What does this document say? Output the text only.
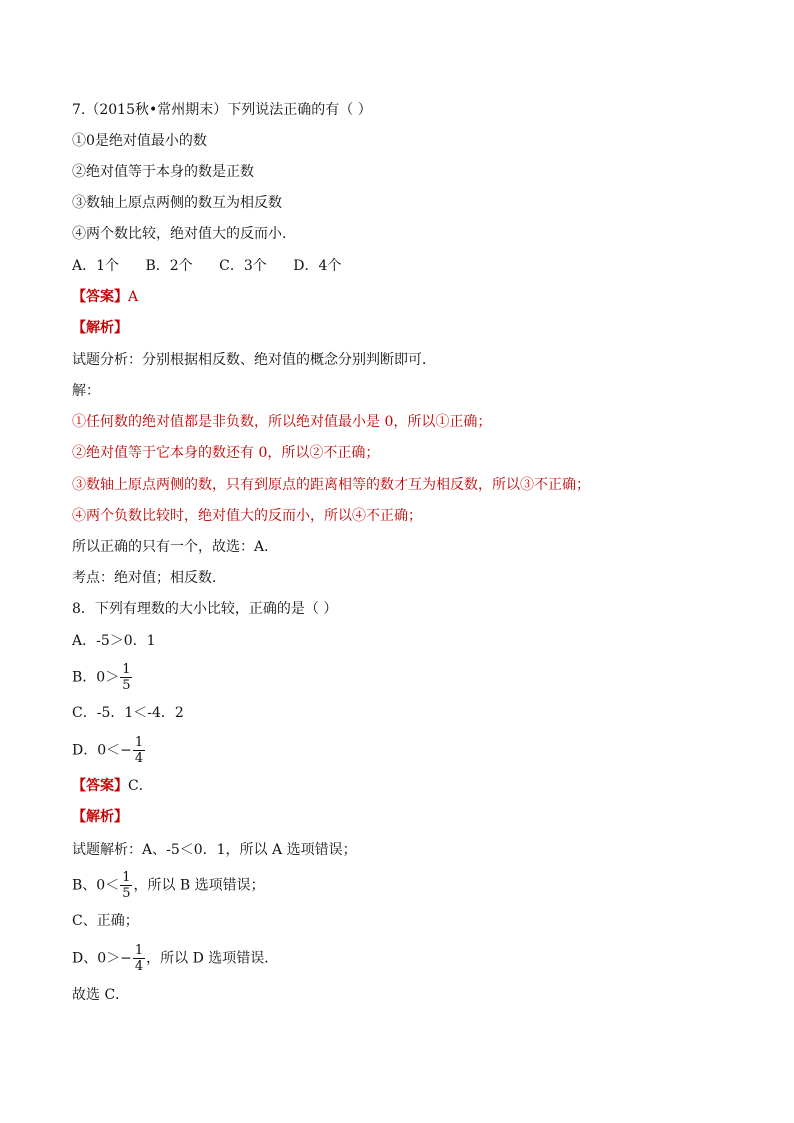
7.（2015秋•常州期末）下列说法正确的有（ ）
①0是绝对值最小的数
②绝对值等于本身的数是正数
③数轴上原点两侧的数互为相反数
④两个数比较，绝对值大的反而小.
A．1个 B．2个 C．3个 D．4个
【答案】A
【解析】
试题分析：分别根据相反数、绝对值的概念分别判断即可．
解：
①任何数的绝对值都是非负数，所以绝对值最小是 0，所以①正确；
②绝对值等于它本身的数还有 0，所以②不正确；
③数轴上原点两侧的数，只有到原点的距离相等的数才互为相反数，所以③不正确；
④两个负数比较时，绝对值大的反而小，所以④不正确；
所以正确的只有一个，故选：A．
考点：绝对值；相反数．
8．下列有理数的大小比较，正确的是（ ）
A．-5＞0．1
B．$0> \frac{1}{5}$
C．-5．1＜-4．2
D．$0<- \frac{1}{4}$
【答案】C．
【解析】
试题解析：A、-5＜0．1，所以 A 选项错误；
B、$0< \frac{1}{5}$ ，所以 B 选项错误；
C、正确；
D、$0>- \frac{1}{4}$ ，所以 D 选项错误．
故选 C．
